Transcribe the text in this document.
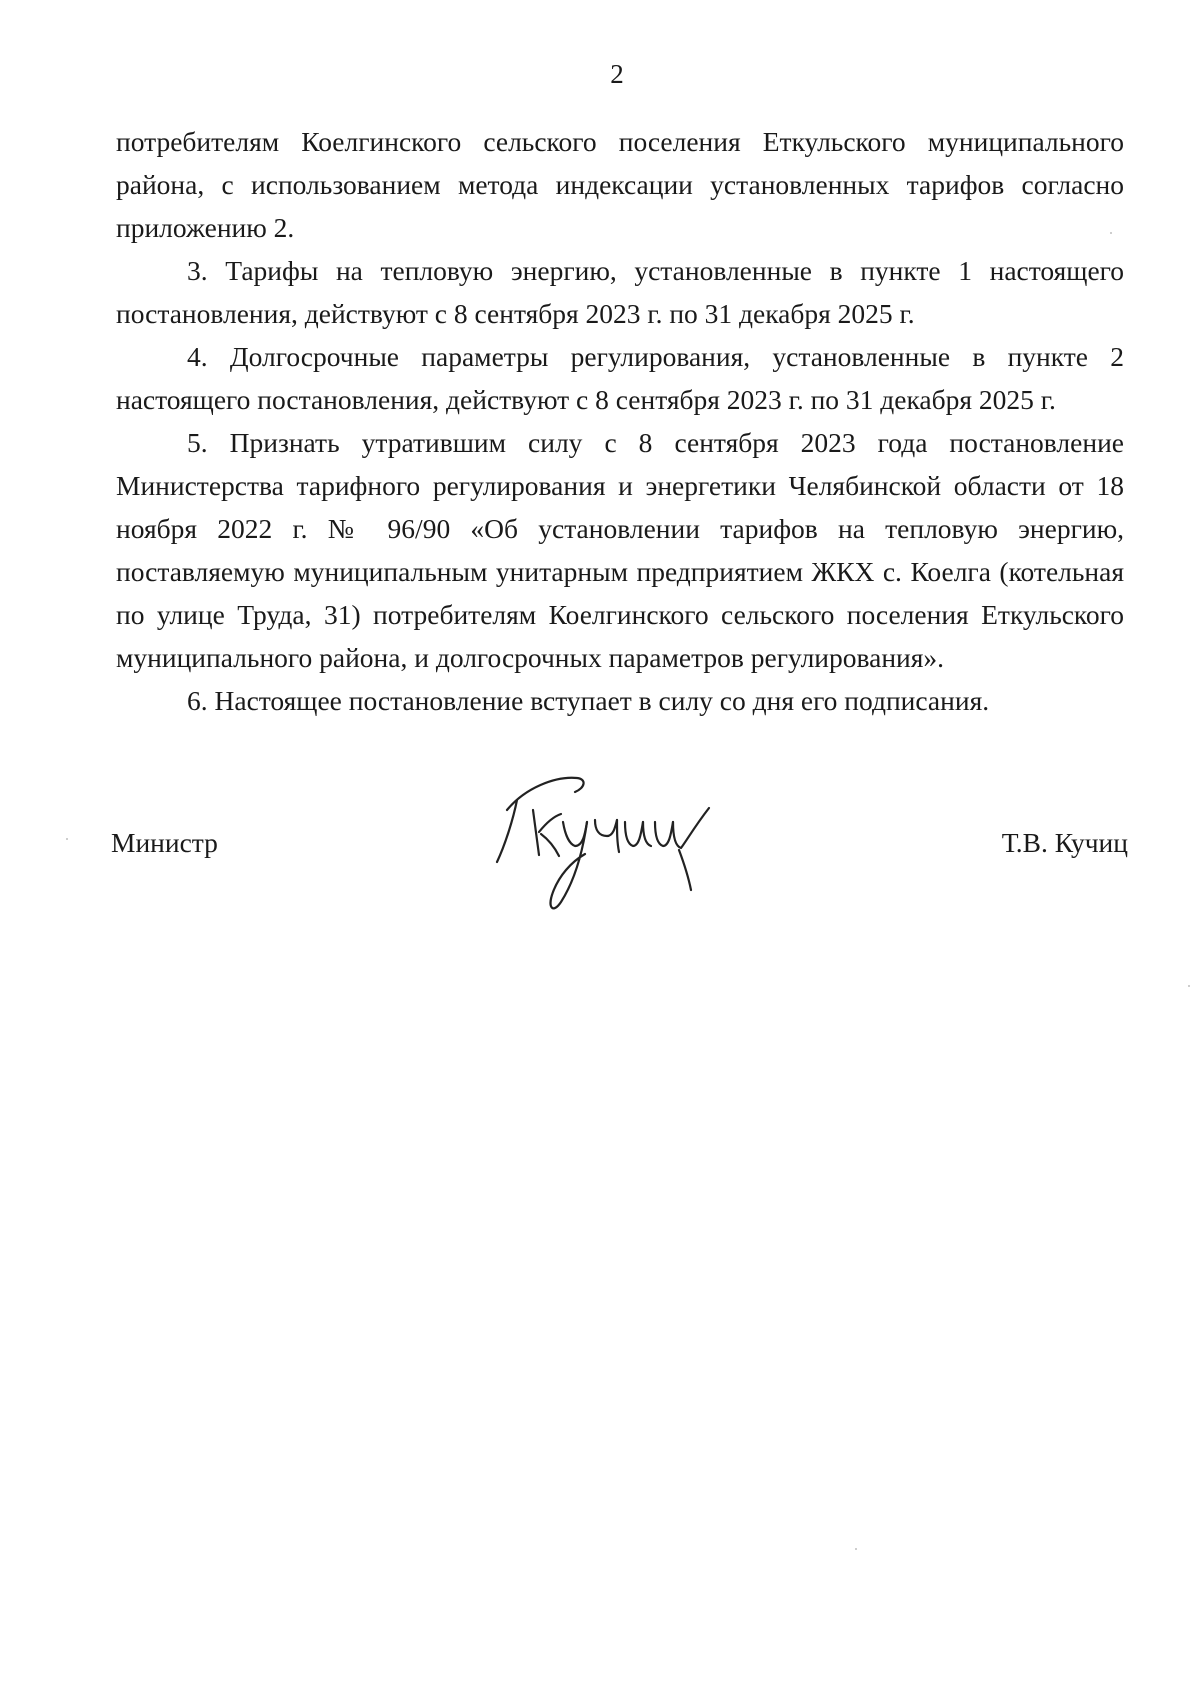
2

потребителям Коелгинского сельского поселения Еткульского муниципального района, с использованием метода индексации установленных тарифов согласно приложению 2.

3. Тарифы на тепловую энергию, установленные в пункте 1 настоящего постановления, действуют с 8 сентября 2023 г. по 31 декабря 2025 г.

4. Долгосрочные параметры регулирования, установленные в пункте 2 настоящего постановления, действуют с 8 сентября 2023 г. по 31 декабря 2025 г.

5. Признать утратившим силу с 8 сентября 2023 года постановление Министерства тарифного регулирования и энергетики Челябинской области от 18 ноября 2022 г. № 96/90 «Об установлении тарифов на тепловую энергию, поставляемую муниципальным унитарным предприятием ЖКХ с. Коелга (котельная по улице Труда, 31) потребителям Коелгинского сельского поселения Еткульского муниципального района, и долгосрочных параметров регулирования».

6. Настоящее постановление вступает в силу со дня его подписания.

Министр	Т.В. Кучиц
